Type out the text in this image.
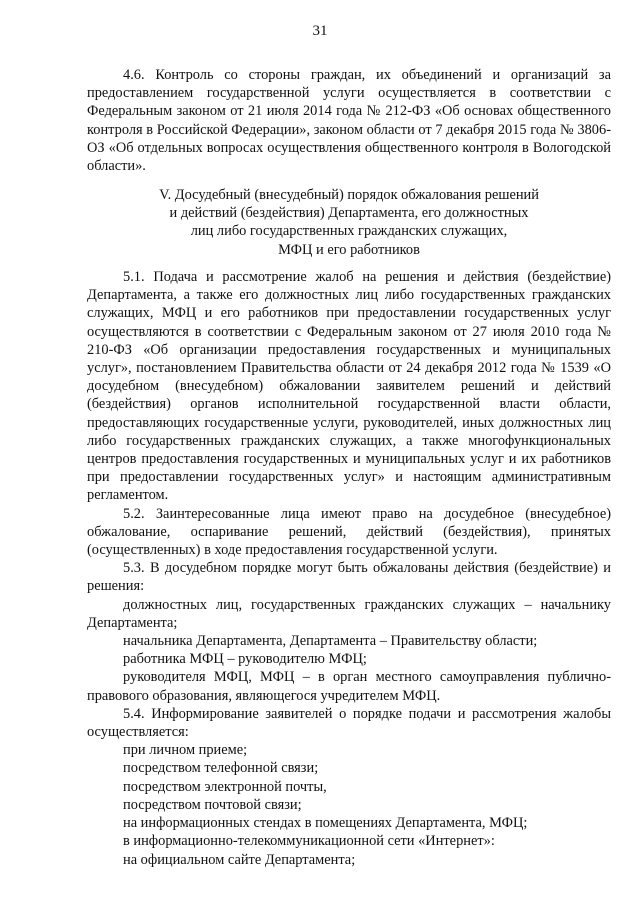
31

4.6. Контроль со стороны граждан, их объединений и организаций за предоставлением государственной услуги осуществляется в соответствии с Федеральным законом от 21 июля 2014 года № 212-ФЗ «Об основах общественного контроля в Российской Федерации», законом области от 7 декабря 2015 года № 3806-ОЗ «Об отдельных вопросах осуществления общественного контроля в Вологодской области».

V. Досудебный (внесудебный) порядок обжалования решений
и действий (бездействия) Департамента, его должностных
лиц либо государственных гражданских служащих,
МФЦ и его работников

5.1. Подача и рассмотрение жалоб на решения и действия (бездействие) Департамента, а также его должностных лиц либо государственных гражданских служащих, МФЦ и его работников при предоставлении государственных услуг осуществляются в соответствии с Федеральным законом от 27 июля 2010 года № 210-ФЗ «Об организации предоставления государственных и муниципальных услуг», постановлением Правительства области от 24 декабря 2012 года № 1539 «О досудебном (внесудебном) обжаловании заявителем решений и действий (бездействия) органов исполнительной государственной власти области, предоставляющих государственные услуги, руководителей, иных должностных лиц либо государственных гражданских служащих, а также многофункциональных центров предоставления государственных и муниципальных услуг и их работников при предоставлении государственных услуг» и настоящим административным регламентом.

5.2. Заинтересованные лица имеют право на досудебное (внесудебное) обжалование, оспаривание решений, действий (бездействия), принятых (осуществленных) в ходе предоставления государственной услуги.

5.3. В досудебном порядке могут быть обжалованы действия (бездействие) и решения:

должностных лиц, государственных гражданских служащих – начальнику Департамента;

начальника Департамента, Департамента – Правительству области;

работника МФЦ – руководителю МФЦ;

руководителя МФЦ, МФЦ – в орган местного самоуправления публично-правового образования, являющегося учредителем МФЦ.

5.4. Информирование заявителей о порядке подачи и рассмотрения жалобы осуществляется:

при личном приеме;

посредством телефонной связи;

посредством электронной почты,

посредством почтовой связи;

на информационных стендах в помещениях Департамента, МФЦ;

в информационно-телекоммуникационной сети «Интернет»:

на официальном сайте Департамента;
